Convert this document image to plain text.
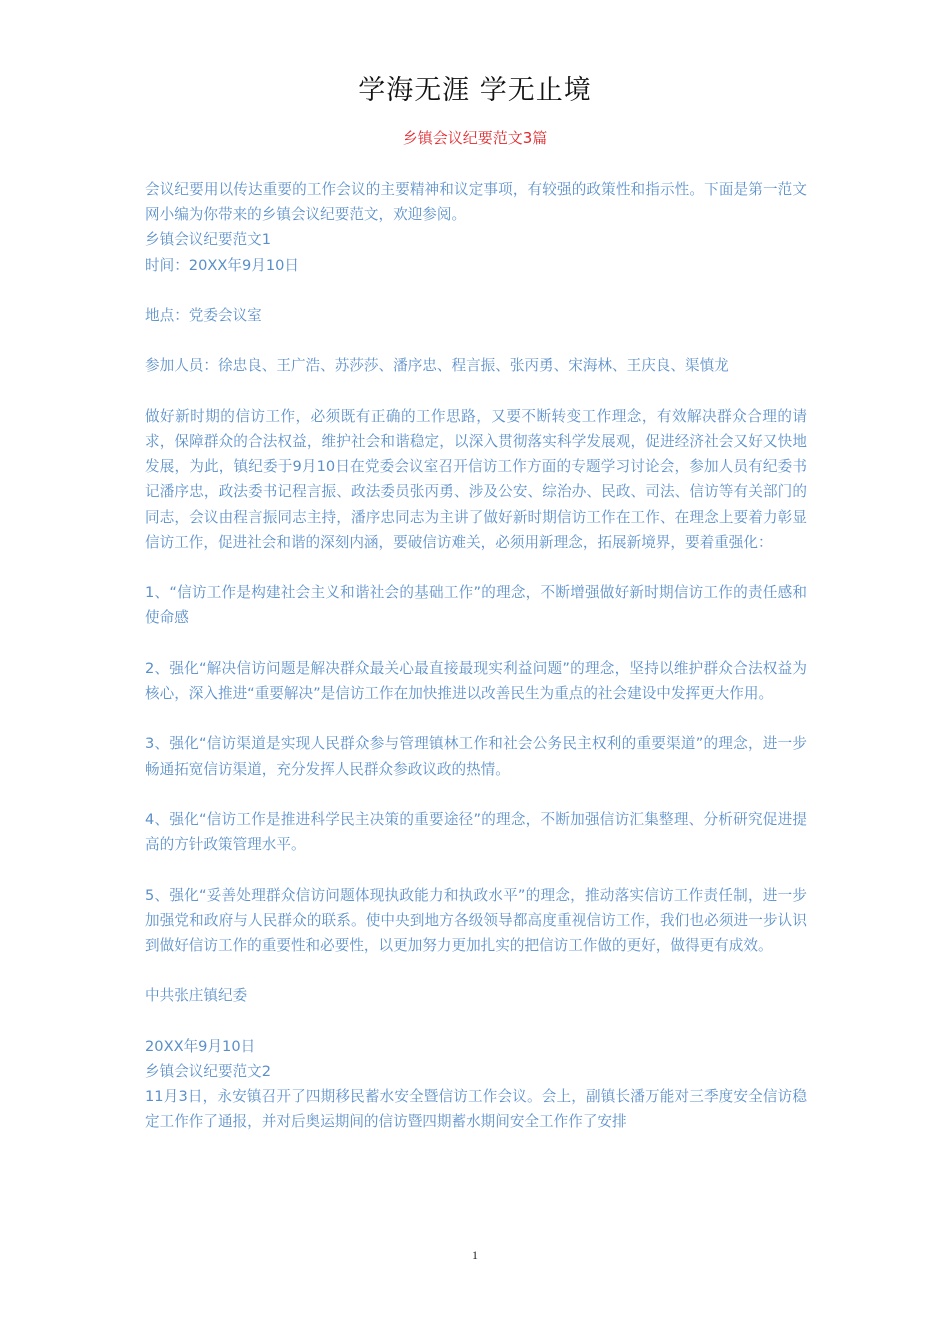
学海无涯 学无止境
乡镇会议纪要范文3篇

会议纪要用以传达重要的工作会议的主要精神和议定事项，有较强的政策性和指示性。下面是第一范文网小编为你带来的乡镇会议纪要范文，欢迎参阅。

乡镇会议纪要范文1

时间：20XX年9月10日

地点：党委会议室

参加人员：徐忠良、王广浩、苏莎莎、潘序忠、程言振、张丙勇、宋海林、王庆良、渠慎龙

做好新时期的信访工作，必须既有正确的工作思路，又要不断转变工作理念，有效解决群众合理的请求，保障群众的合法权益，维护社会和谐稳定，以深入贯彻落实科学发展观，促进经济社会又好又快地发展，为此，镇纪委于9月10日在党委会议室召开信访工作方面的专题学习讨论会，参加人员有纪委书记潘序忠，政法委书记程言振、政法委员张丙勇、涉及公安、综治办、民政、司法、信访等有关部门的同志，会议由程言振同志主持，潘序忠同志为主讲了做好新时期信访工作在工作、在理念上要着力彰显信访工作，促进社会和谐的深刻内涵，要破信访难关，必须用新理念，拓展新境界，要着重强化：

1、“信访工作是构建社会主义和谐社会的基础工作”的理念，不断增强做好新时期信访工作的责任感和使命感

2、强化“解决信访问题是解决群众最关心最直接最现实利益问题”的理念，坚持以维护群众合法权益为核心，深入推进“重要解决”是信访工作在加快推进以改善民生为重点的社会建设中发挥更大作用。

3、强化“信访渠道是实现人民群众参与管理镇林工作和社会公务民主权利的重要渠道”的理念，进一步畅通拓宽信访渠道，充分发挥人民群众参政议政的热情。

4、强化“信访工作是推进科学民主决策的重要途径”的理念，不断加强信访汇集整理、分析研究促进提高的方针政策管理水平。

5、强化“妥善处理群众信访问题体现执政能力和执政水平”的理念，推动落实信访工作责任制，进一步加强党和政府与人民群众的联系。使中央到地方各级领导都高度重视信访工作，我们也必须进一步认识到做好信访工作的重要性和必要性，以更加努力更加扎实的把信访工作做的更好，做得更有成效。

中共张庄镇纪委

20XX年9月10日

乡镇会议纪要范文2

11月3日，永安镇召开了四期移民蓄水安全暨信访工作会议。会上，副镇长潘万能对三季度安全信访稳定工作作了通报，并对后奥运期间的信访暨四期蓄水期间安全工作作了安排

1
